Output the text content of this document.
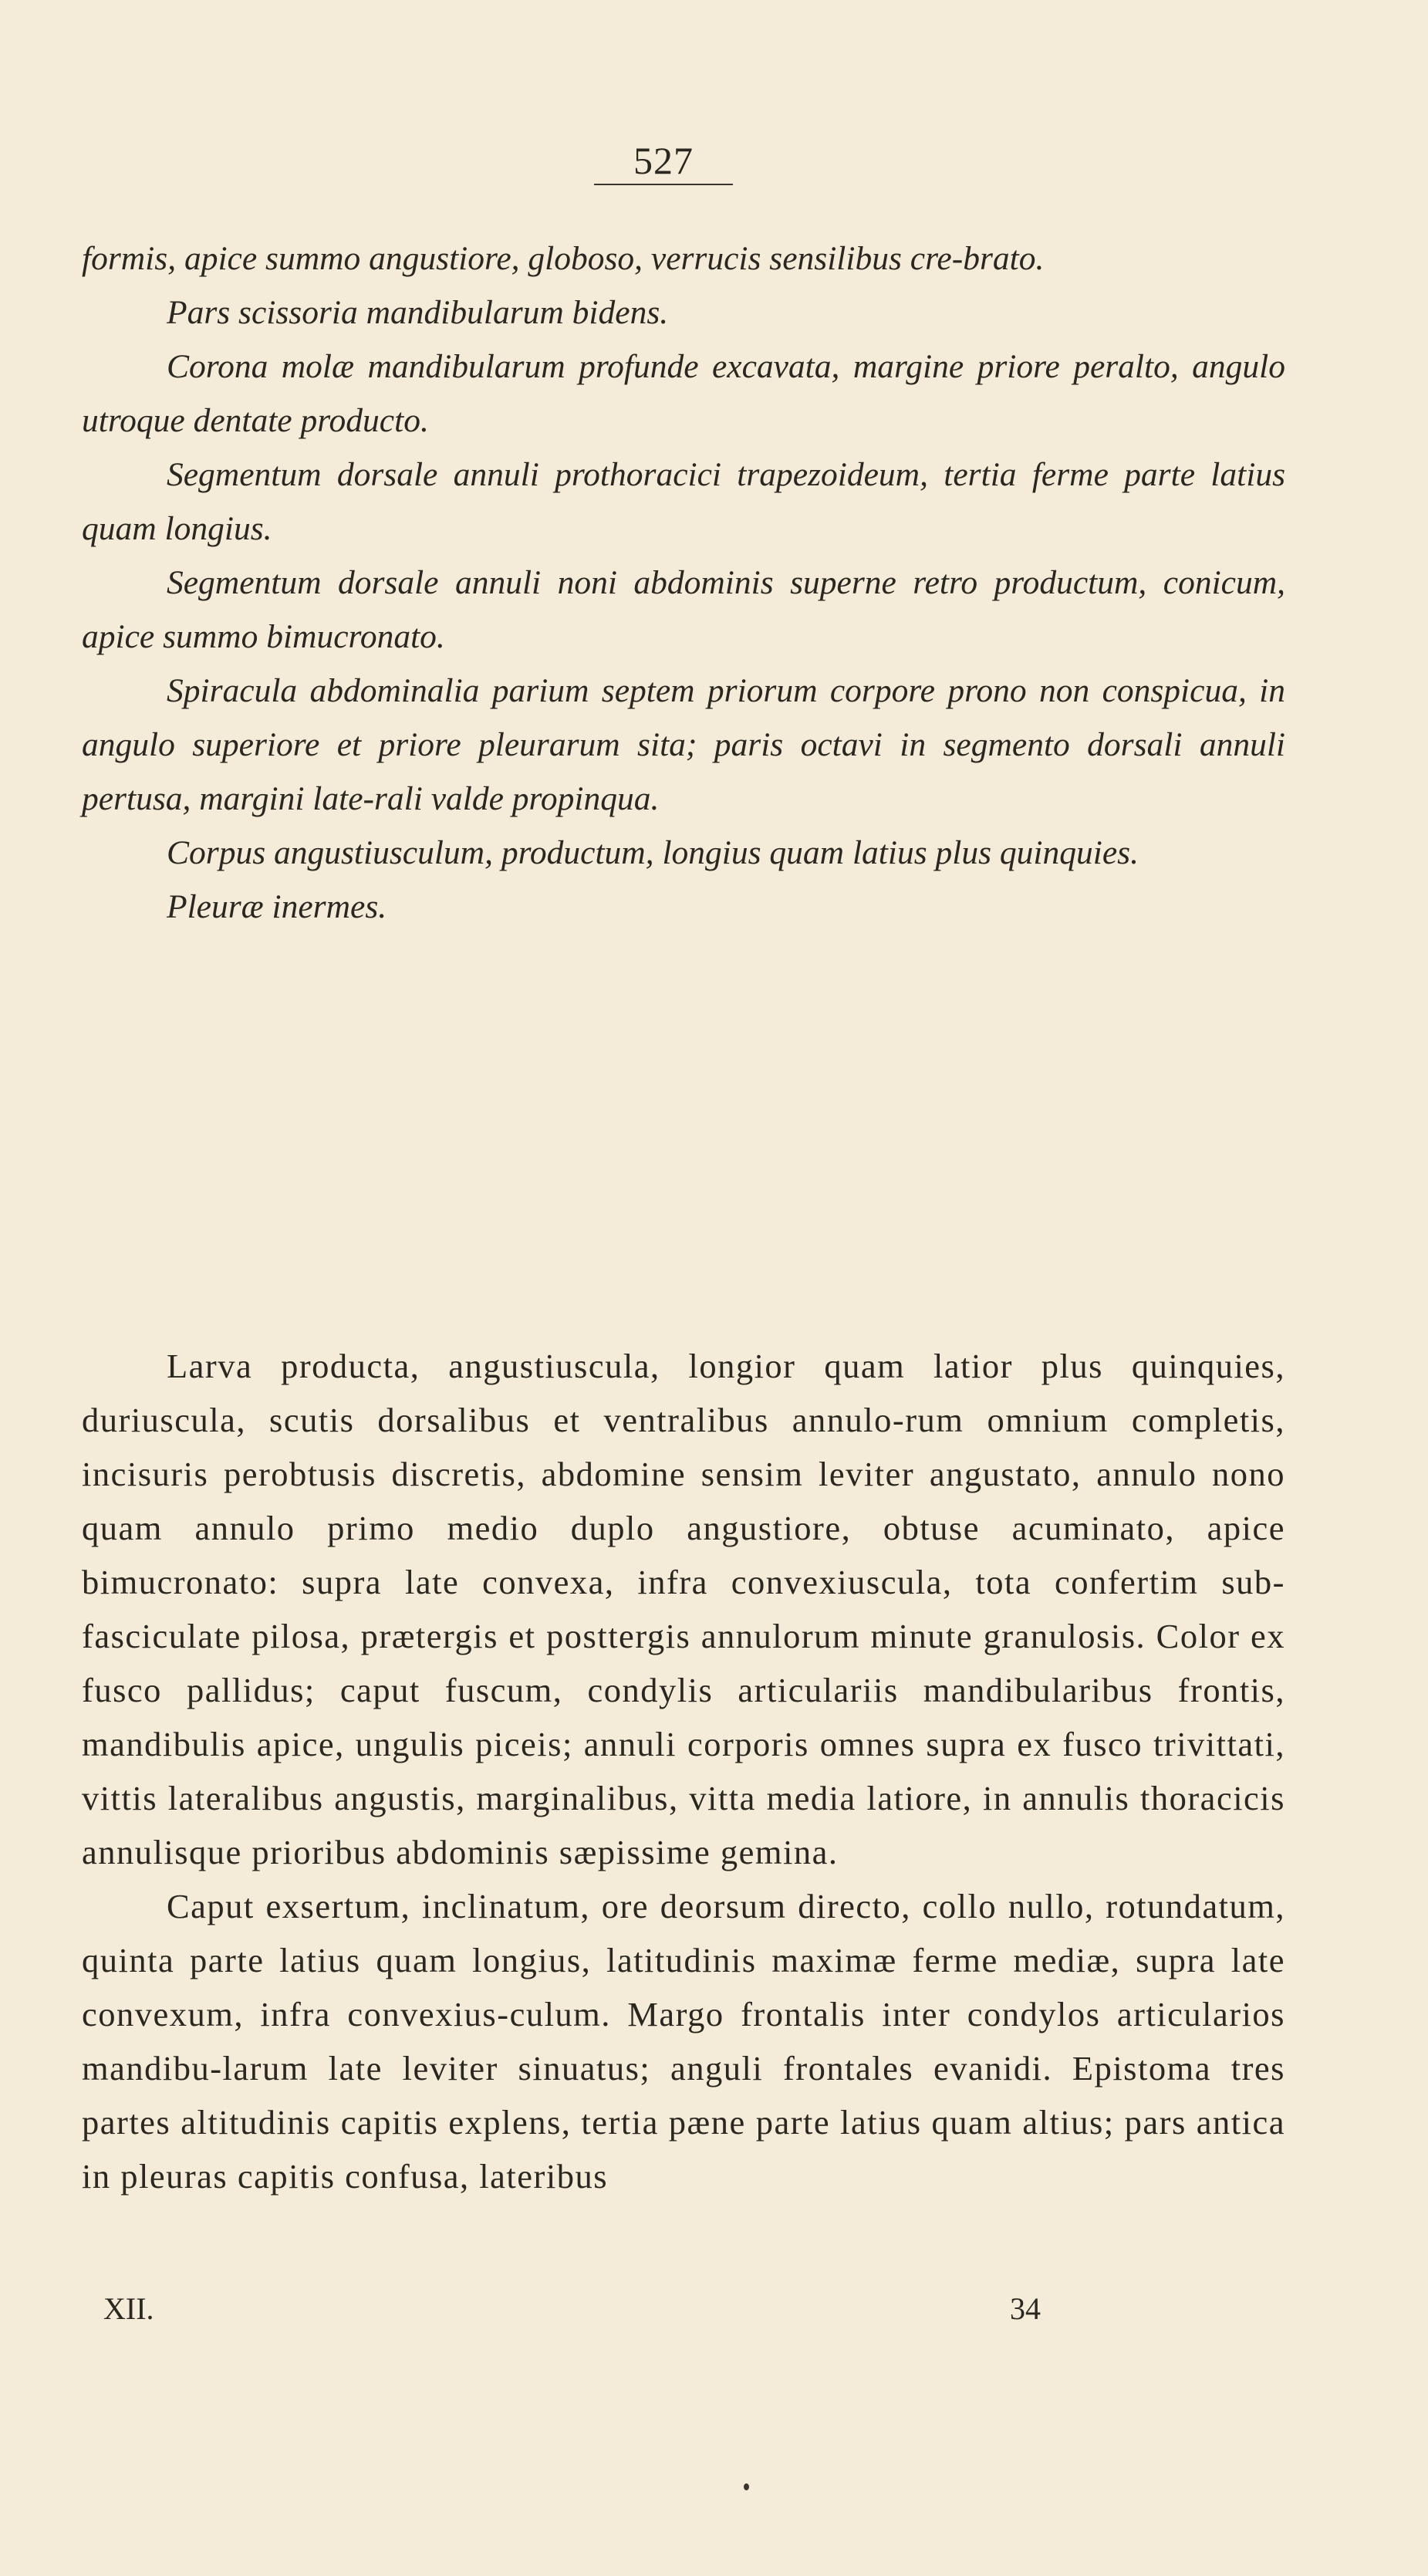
527

formis, apice summo angustiore, globoso, verrucis sensilibus cre-brato.

Pars scissoria mandibularum bidens.

Corona molæ mandibularum profunde excavata, margine priore peralto, angulo utroque dentate producto.

Segmentum dorsale annuli prothoracici trapezoideum, tertia ferme parte latius quam longius.

Segmentum dorsale annuli noni abdominis superne retro productum, conicum, apice summo bimucronato.

Spiracula abdominalia parium septem priorum corpore prono non conspicua, in angulo superiore et priore pleurarum sita; paris octavi in segmento dorsali annuli pertusa, margini late-rali valde propinqua.

Corpus angustiusculum, productum, longius quam latius plus quinquies.

Pleuræ inermes.

Larva producta, angustiuscula, longior quam latior plus quinquies, duriuscula, scutis dorsalibus et ventralibus annulo-rum omnium completis, incisuris perobtusis discretis, abdomine sensim leviter angustato, annulo nono quam annulo primo medio duplo angustiore, obtuse acuminato, apice bimucronato: supra late convexa, infra convexiuscula, tota confertim sub-fasciculate pilosa, prætergis et posttergis annulorum minute granulosis. Color ex fusco pallidus; caput fuscum, condylis articulariis mandibularibus frontis, mandibulis apice, ungulis piceis; annuli corporis omnes supra ex fusco trivittati, vittis lateralibus angustis, marginalibus, vitta media latiore, in annulis thoracicis annulisque prioribus abdominis sæpissime gemina.

Caput exsertum, inclinatum, ore deorsum directo, collo nullo, rotundatum, quinta parte latius quam longius, latitudinis maximæ ferme mediæ, supra late convexum, infra convexius-culum. Margo frontalis inter condylos articularios mandibu-larum late leviter sinuatus; anguli frontales evanidi. Epistoma tres partes altitudinis capitis explens, tertia pæne parte latius quam altius; pars antica in pleuras capitis confusa, lateribus

XII.	34
